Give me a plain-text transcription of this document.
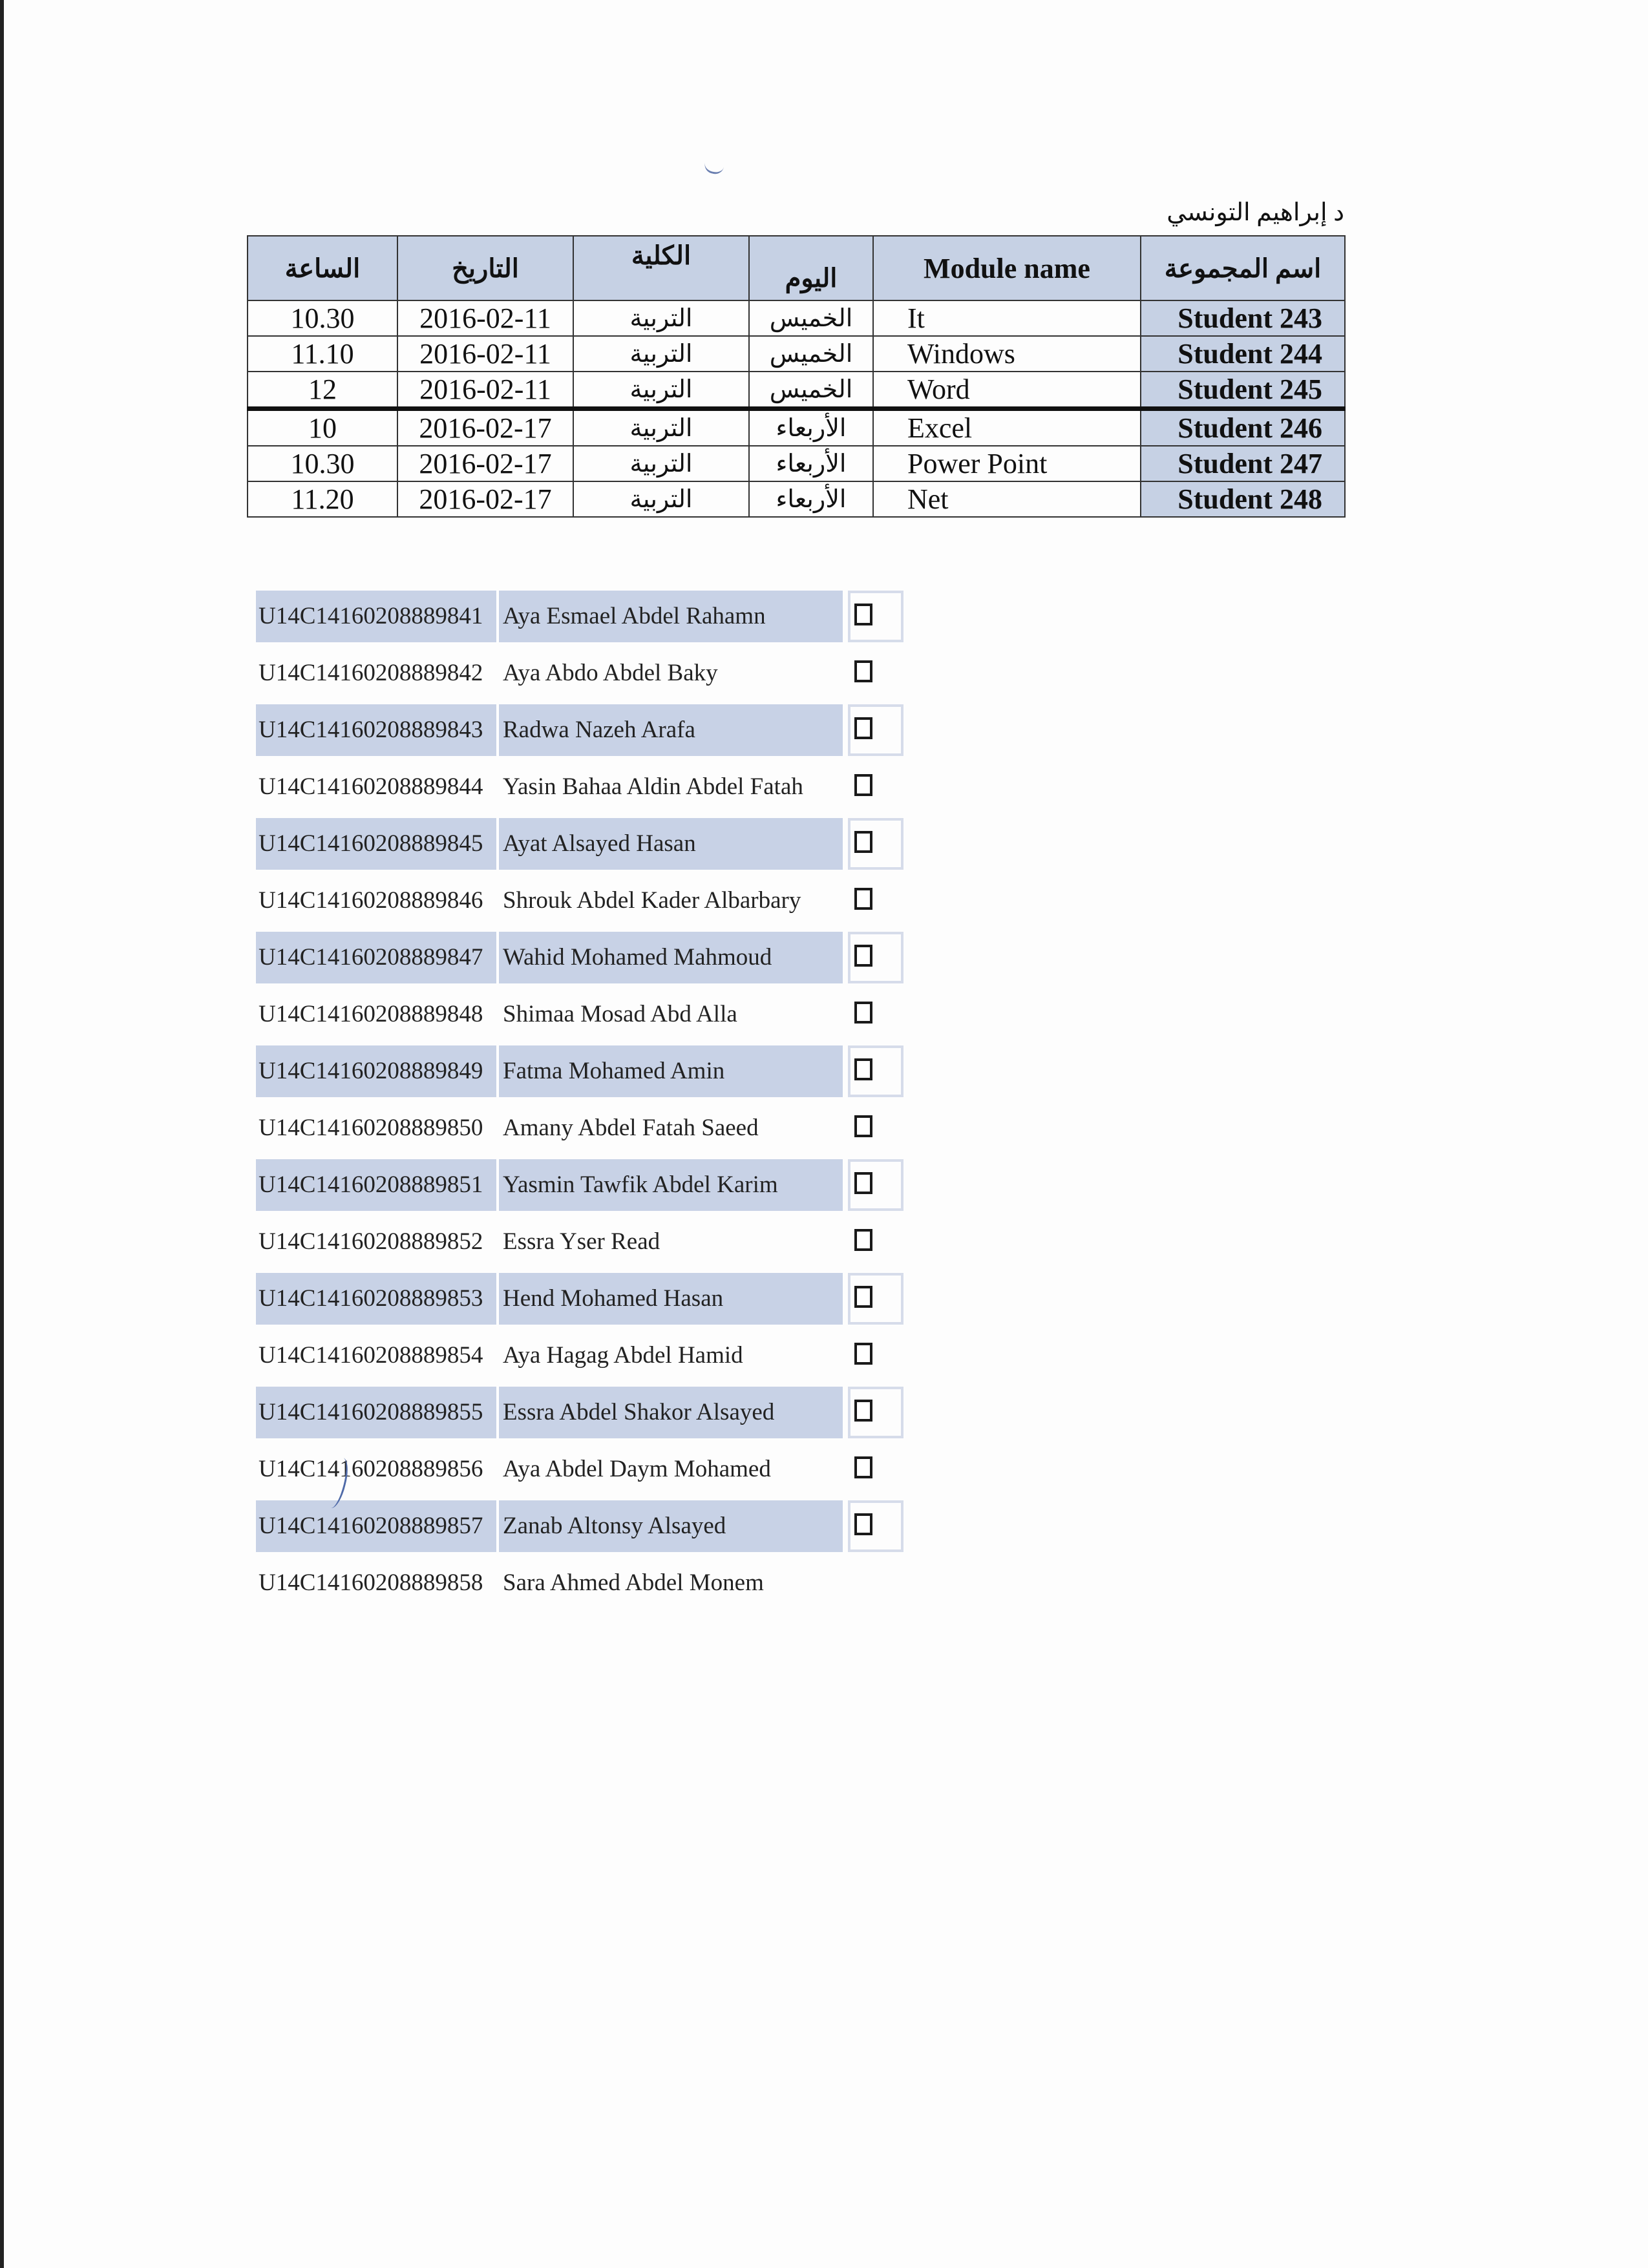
د إبراهيم التونسي
الساعة	التاريخ	الكلية	اليوم	Module name	اسم المجموعة
10.30	2016-02-11	التربية	الخميس	It	Student 243
11.10	2016-02-11	التربية	الخميس	Windows	Student 244
12	2016-02-11	التربية	الخميس	Word	Student 245
10	2016-02-17	التربية	الأربعاء	Excel	Student 246
10.30	2016-02-17	التربية	الأربعاء	Power Point	Student 247
11.20	2016-02-17	التربية	الأربعاء	Net	Student 248
U14C14160208889841 Aya Esmael Abdel Rahamn
U14C14160208889842 Aya Abdo Abdel Baky
U14C14160208889843 Radwa Nazeh Arafa
U14C14160208889844 Yasin Bahaa Aldin Abdel Fatah
U14C14160208889845 Ayat Alsayed Hasan
U14C14160208889846 Shrouk Abdel Kader Albarbary
U14C14160208889847 Wahid Mohamed Mahmoud
U14C14160208889848 Shimaa Mosad Abd Alla
U14C14160208889849 Fatma Mohamed Amin
U14C14160208889850 Amany Abdel Fatah Saeed
U14C14160208889851 Yasmin Tawfik Abdel Karim
U14C14160208889852 Essra Yser Read
U14C14160208889853 Hend Mohamed Hasan
U14C14160208889854 Aya Hagag Abdel Hamid
U14C14160208889855 Essra Abdel Shakor Alsayed
U14C14160208889856 Aya Abdel Daym Mohamed
U14C14160208889857 Zanab Altonsy Alsayed
U14C14160208889858 Sara Ahmed Abdel Monem
